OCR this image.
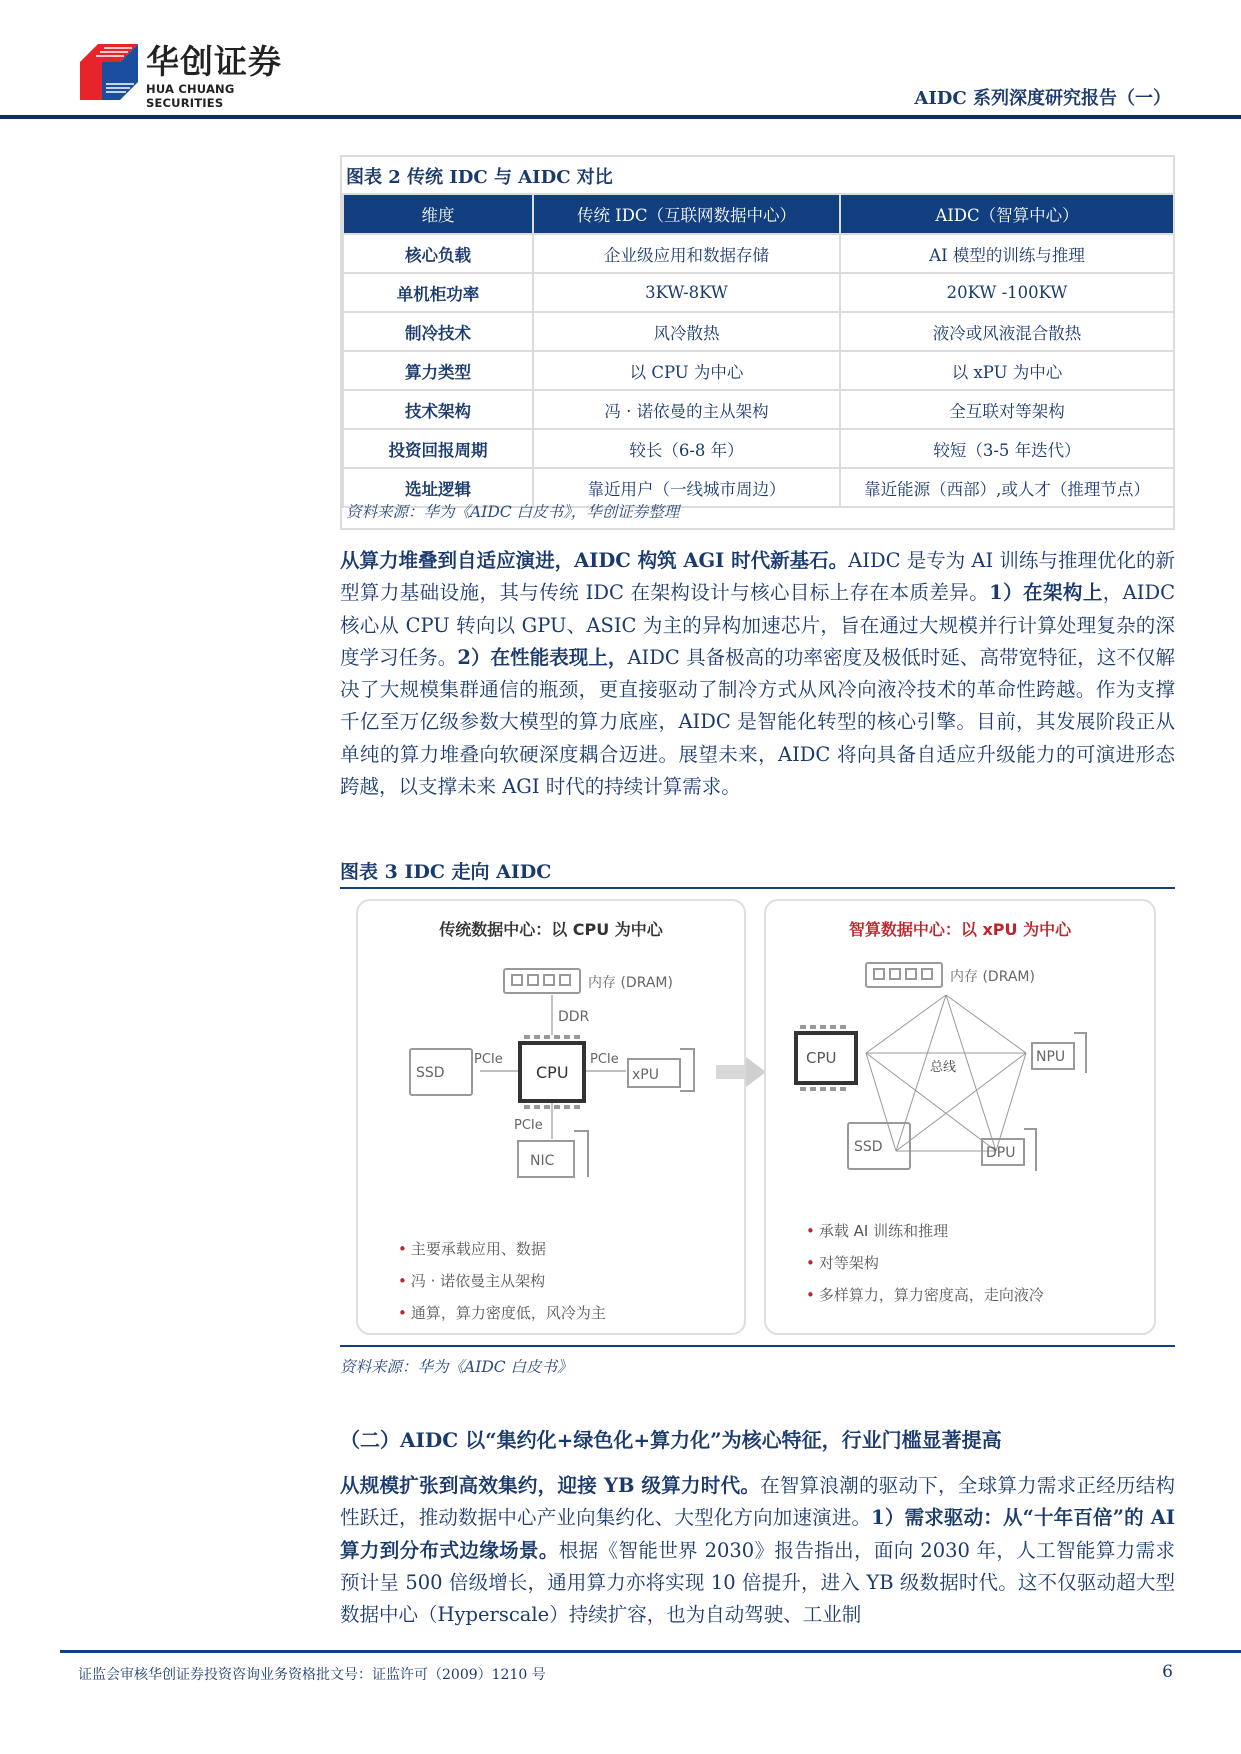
华创证券
HUA CHUANG SECURITIES	AIDC 系列深度研究报告（一）
图表 2 传统 IDC 与 AIDC 对比
维度	传统 IDC（互联网数据中心）	AIDC（智算中心）
核心负载	企业级应用和数据存储	AI 模型的训练与推理
单机柜功率	3KW-8KW	20KW -100KW
制冷技术	风冷散热	液冷或风液混合散热
算力类型	以 CPU 为中心	以 xPU 为中心
技术架构	冯 · 诺依曼的主从架构	全互联对等架构
投资回报周期	较长（6-8 年）	较短（3-5 年迭代）
选址逻辑	靠近用户（一线城市周边）	靠近能源（西部）,或人才（推理节点）
资料来源：华为《AIDC 白皮书》，华创证券整理
从算力堆叠到自适应演进，AIDC 构筑 AGI 时代新基石。AIDC 是专为 AI 训练与推理优化的新型算力基础设施，其与传统 IDC 在架构设计与核心目标上存在本质差异。1）在架构上，AIDC 核心从 CPU 转向以 GPU、ASIC 为主的异构加速芯片，旨在通过大规模并行计算处理复杂的深度学习任务。2）在性能表现上，AIDC 具备极高的功率密度及极低时延、高带宽特征，这不仅解决了大规模集群通信的瓶颈，更直接驱动了制冷方式从风冷向液冷技术的革命性跨越。作为支撑千亿至万亿级参数大模型的算力底座，AIDC 是智能化转型的核心引擎。目前，其发展阶段正从单纯的算力堆叠向软硬深度耦合迈进。展望未来，AIDC 将向具备自适应升级能力的可演进形态跨越，以支撑未来 AGI 时代的持续计算需求。
图表 3 IDC 走向 AIDC
传统数据中心：以 CPU 为中心
内存 (DRAM)
DDR
PCIe	PCIe
PCIe
SSD	xPU
NIC
CPU
• 主要承载应用、数据
• 冯 · 诺依曼主从架构
• 通算，算力密度低，风冷为主
智算数据中心：以 xPU 为中心
内存 (DRAM)
CPU	NPU
总线
SSD	DPU
• 承载 AI 训练和推理
• 对等架构
• 多样算力，算力密度高，走向液冷
资料来源：华为《AIDC 白皮书》
（二）AIDC 以“集约化+绿色化+算力化”为核心特征，行业门槛显著提高
从规模扩张到高效集约，迎接 YB 级算力时代。在智算浪潮的驱动下，全球算力需求正经历结构性跃迁，推动数据中心产业向集约化、大型化方向加速演进。1）需求驱动：从“十年百倍”的 AI 算力到分布式边缘场景。根据《智能世界 2030》报告指出，面向 2030 年，人工智能算力需求预计呈 500 倍级增长，通用算力亦将实现 10 倍提升，进入 YB 级数据时代。这不仅驱动超大型数据中心（Hyperscale）持续扩容，也为自动驾驶、工业制
证监会审核华创证券投资咨询业务资格批文号：证监许可（2009）1210 号	6
